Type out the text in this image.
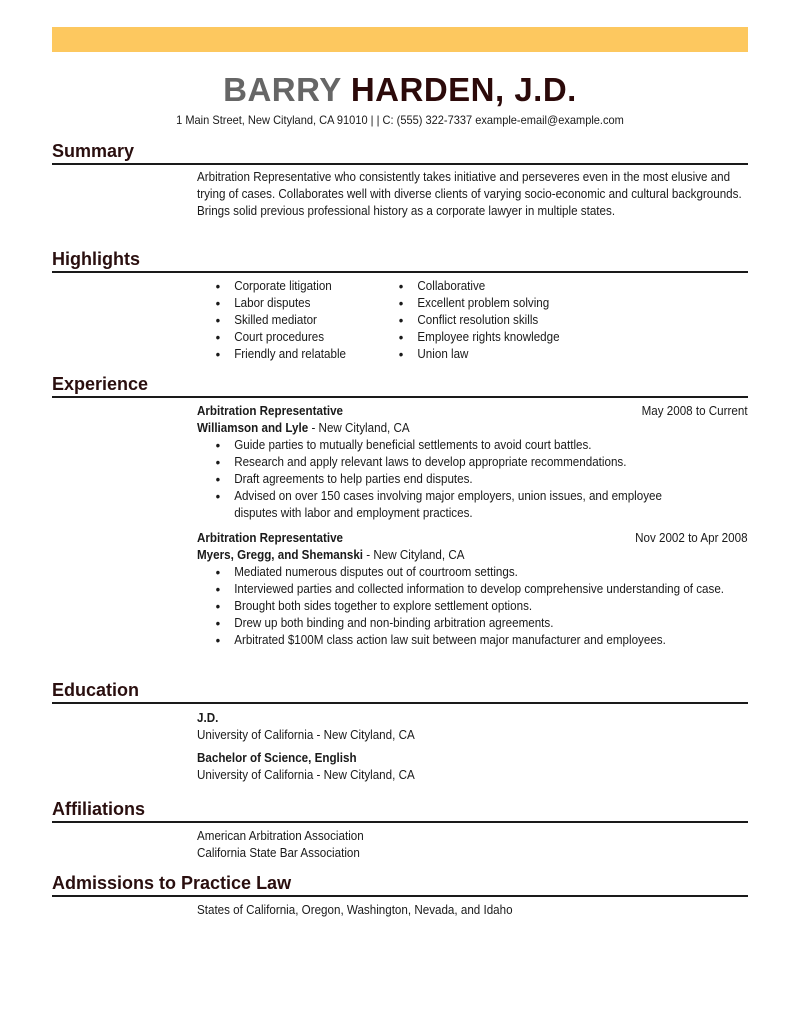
BARRY HARDEN, J.D.
1 Main Street, New Cityland, CA 91010 | | C: (555) 322-7337 example-email@example.com
Summary
Arbitration Representative who consistently takes initiative and perseveres even in the most elusive and trying of cases. Collaborates well with diverse clients of varying socio-economic and cultural backgrounds. Brings solid previous professional history as a corporate lawyer in multiple states.
Highlights
• Corporate litigation
• Labor disputes
• Skilled mediator
• Court procedures
• Friendly and relatable
• Collaborative
• Excellent problem solving
• Conflict resolution skills
• Employee rights knowledge
• Union law
Experience
Arbitration Representative	May 2008 to Current
Williamson and Lyle - New Cityland, CA
• Guide parties to mutually beneficial settlements to avoid court battles.
• Research and apply relevant laws to develop appropriate recommendations.
• Draft agreements to help parties end disputes.
• Advised on over 150 cases involving major employers, union issues, and employee disputes with labor and employment practices.
Arbitration Representative	Nov 2002 to Apr 2008
Myers, Gregg, and Shemanski - New Cityland, CA
• Mediated numerous disputes out of courtroom settings.
• Interviewed parties and collected information to develop comprehensive understanding of case.
• Brought both sides together to explore settlement options.
• Drew up both binding and non-binding arbitration agreements.
• Arbitrated $100M class action law suit between major manufacturer and employees.
Education
J.D.
University of California - New Cityland, CA
Bachelor of Science, English
University of California - New Cityland, CA
Affiliations
American Arbitration Association
California State Bar Association
Admissions to Practice Law
States of California, Oregon, Washington, Nevada, and Idaho
